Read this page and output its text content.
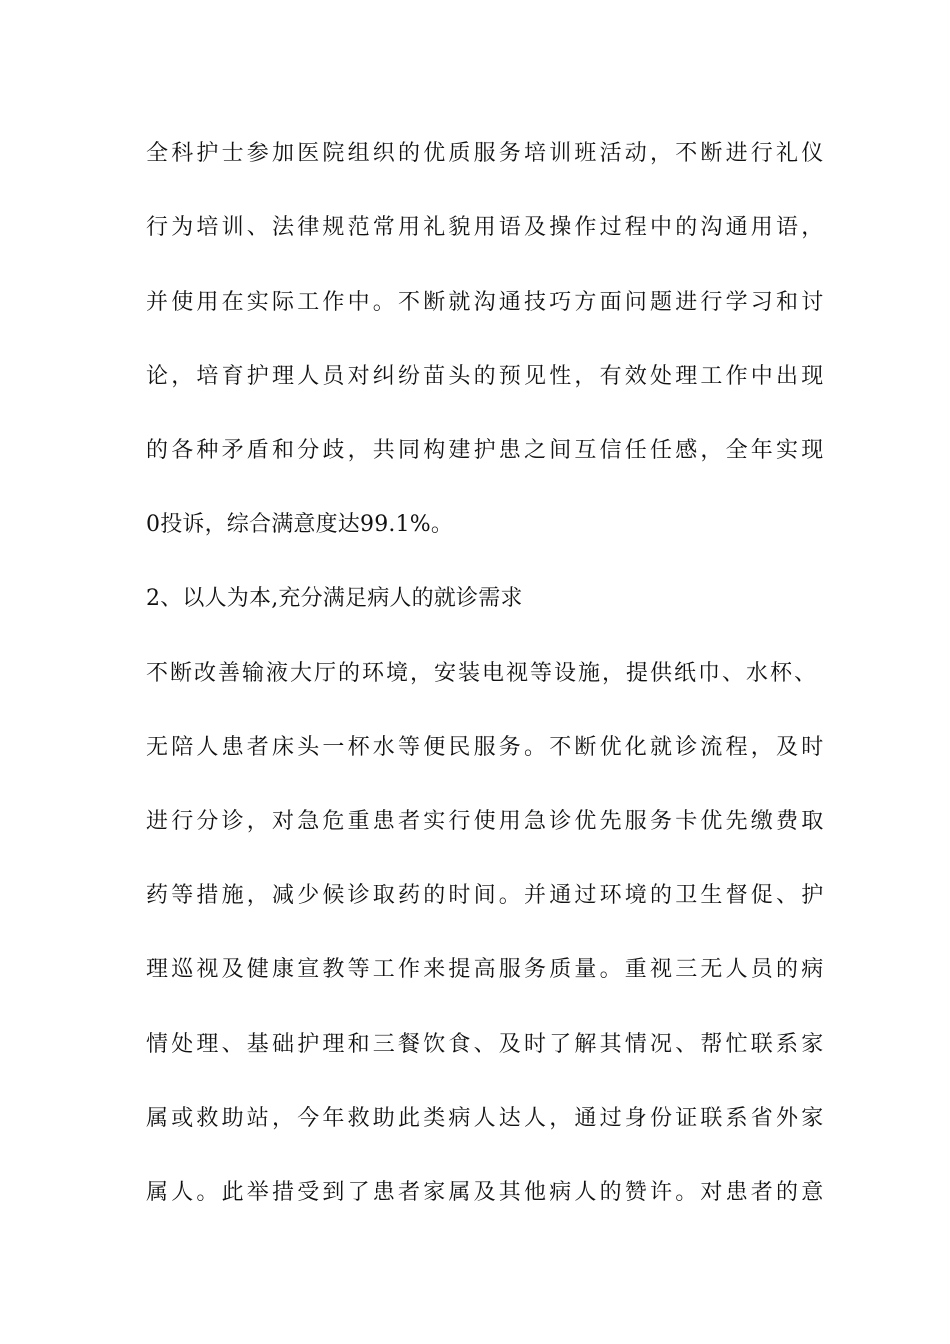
全科护士参加医院组织的优质服务培训班活动，不断进行礼仪
行为培训、法律规范常用礼貌用语及操作过程中的沟通用语，
并使用在实际工作中。不断就沟通技巧方面问题进行学习和讨
论，培育护理人员对纠纷苗头的预见性，有效处理工作中出现
的各种矛盾和分歧，共同构建护患之间互信任任感，全年实现
0投诉，综合满意度达99.1%。
2、以人为本,充分满足病人的就诊需求
不断改善输液大厅的环境，安装电视等设施，提供纸巾、水杯、
无陪人患者床头一杯水等便民服务。不断优化就诊流程，及时
进行分诊，对急危重患者实行使用急诊优先服务卡优先缴费取
药等措施，减少候诊取药的时间。并通过环境的卫生督促、护
理巡视及健康宣教等工作来提高服务质量。重视三无人员的病
情处理、基础护理和三餐饮食、及时了解其情况、帮忙联系家
属或救助站，今年救助此类病人达人，通过身份证联系省外家
属人。此举措受到了患者家属及其他病人的赞许。对患者的意
